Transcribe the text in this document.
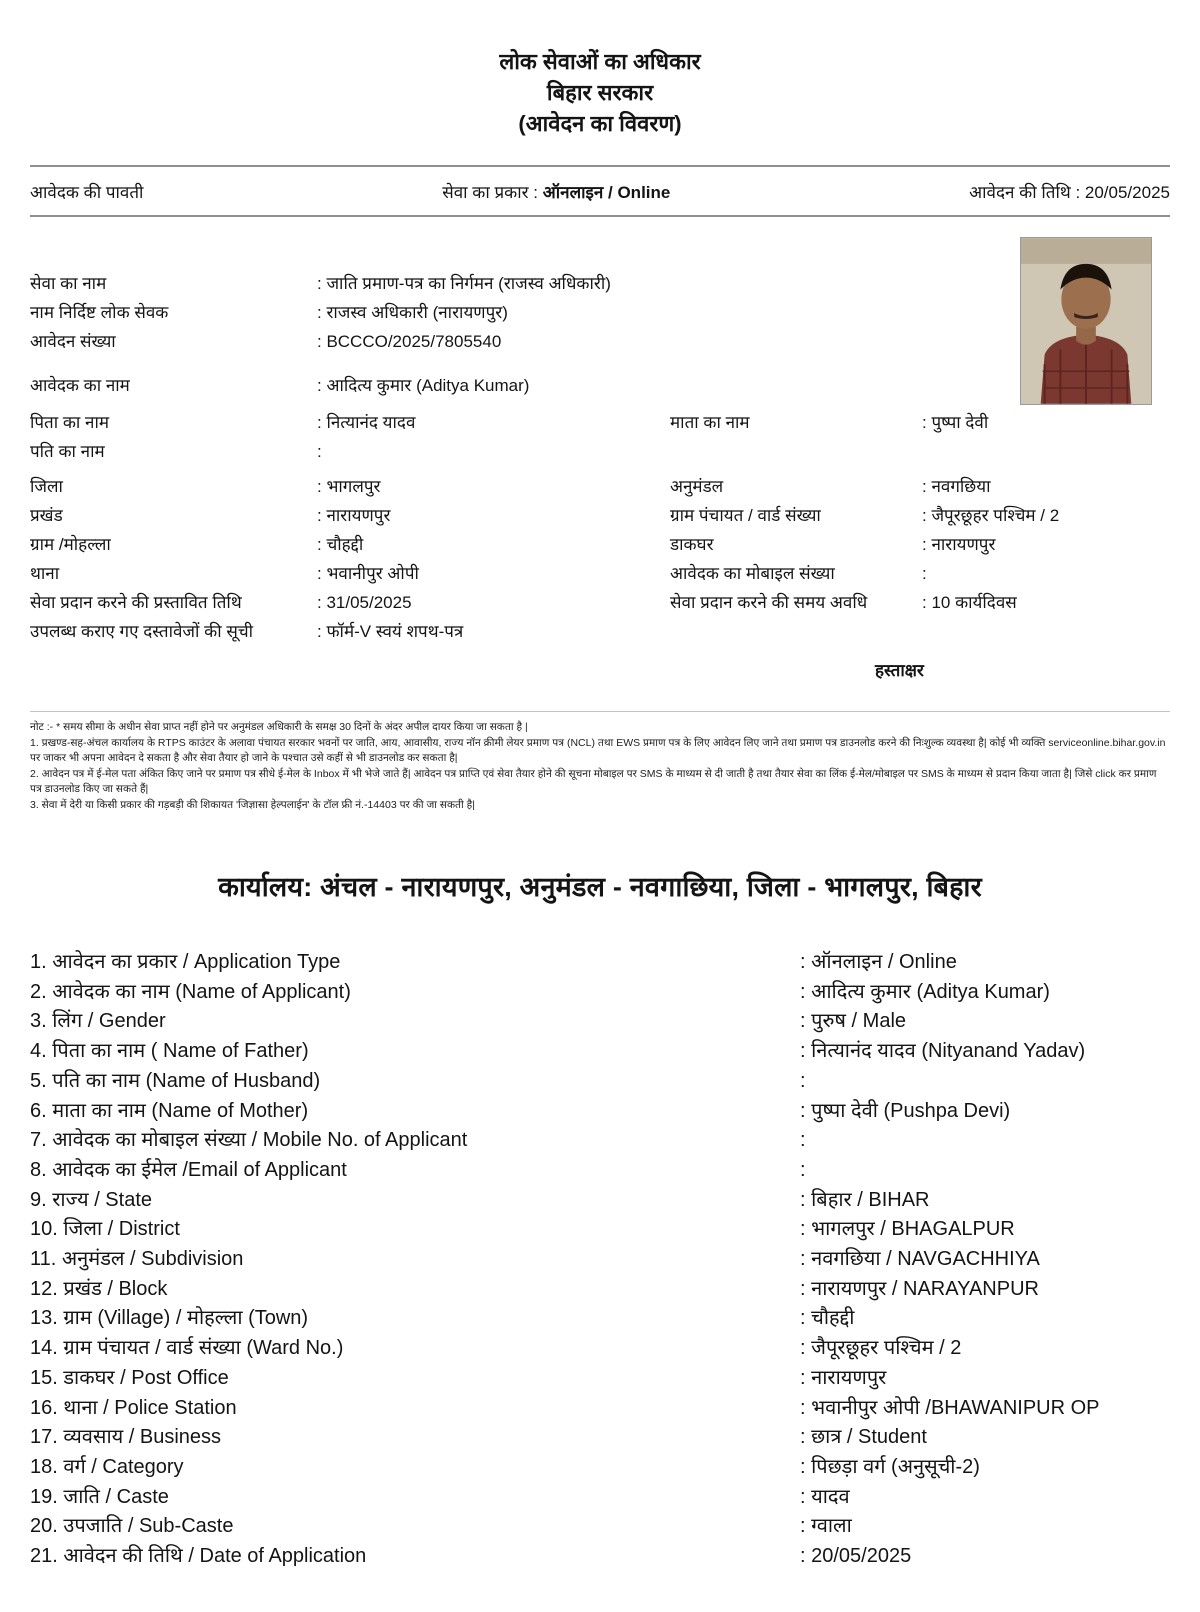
लोक सेवाओं का अधिकार
बिहार सरकार
(आवेदन का विवरण)
आवेदक की पावती	सेवा का प्रकार : ऑनलाइन / Online	आवेदन की तिथि : 20/05/2025
सेवा का नाम	: जाति प्रमाण-पत्र का निर्गमन (राजस्व अधिकारी)
नाम निर्दिष्ट लोक सेवक	: राजस्व अधिकारी (नारायणपुर)
आवेदन संख्या	: BCCCO/2025/7805540
आवेदक का नाम	: आदित्य कुमार (Aditya Kumar)
पिता का नाम	: नित्यानंद यादव	माता का नाम	: पुष्पा देवी
पति का नाम	:
जिला	: भागलपुर	अनुमंडल	: नवगछिया
प्रखंड	: नारायणपुर	ग्राम पंचायत / वार्ड संख्या	: जैपूरछूहर पश्चिम / 2
ग्राम /मोहल्ला	: चौहद्दी	डाकघर	: नारायणपुर
थाना	: भवानीपुर ओपी	आवेदक का मोबाइल संख्या	:
सेवा प्रदान करने की प्रस्तावित तिथि	: 31/05/2025	सेवा प्रदान करने की समय अवधि	: 10 कार्यदिवस
उपलब्ध कराए गए दस्तावेजों की सूची	: फॉर्म-V स्वयं शपथ-पत्र
हस्ताक्षर

नोट :- * समय सीमा के अधीन सेवा प्राप्त नहीं होने पर अनुमंडल अधिकारी के समक्ष 30 दिनों के अंदर अपील दायर किया जा सकता है |

1. प्रखण्ड-सह-अंचल कार्यालय के RTPS काउंटर के अलावा पंचायत सरकार भवनों पर जाति, आय, आवासीय, राज्य नॉन क्रीमी लेयर प्रमाण पत्र (NCL) तथा EWS प्रमाण पत्र के लिए आवेदन लिए जाने तथा प्रमाण पत्र डाउनलोड करने की निःशुल्क व्यवस्था है| कोई भी व्यक्ति serviceonline.bihar.gov.in पर जाकर भी अपना आवेदन दे सकता है और सेवा तैयार हो जाने के पश्चात उसे कहीं से भी डाउनलोड कर सकता है|

2. आवेदन पत्र में ई-मेल पता अंकित किए जाने पर प्रमाण पत्र सीधे ई-मेल के Inbox में भी भेजे जाते हैं| आवेदन पत्र प्राप्ति एवं सेवा तैयार होने की सूचना मोबाइल पर SMS के माध्यम से दी जाती है तथा तैयार सेवा का लिंक ई-मेल/मोबाइल पर SMS के माध्यम से प्रदान किया जाता है| जिसे click कर प्रमाण पत्र डाउनलोड किए जा सकते हैं|

3. सेवा में देरी या किसी प्रकार की गड़बड़ी की शिकायत 'जिज्ञासा हेल्पलाईन' के टॉल फ्री नं.-14403 पर की जा सकती है|

कार्यालय: अंचल - नारायणपुर, अनुमंडल - नवगाछिया, जिला - भागलपुर, बिहार
1. आवेदन का प्रकार / Application Type	: ऑनलाइन / Online
2. आवेदक का नाम (Name of Applicant)	: आदित्य कुमार (Aditya Kumar)
3. लिंग / Gender	: पुरुष / Male
4. पिता का नाम ( Name of Father)	: नित्यानंद यादव (Nityanand Yadav)
5. पति का नाम (Name of Husband)	:
6. माता का नाम (Name of Mother)	: पुष्पा देवी (Pushpa Devi)
7. आवेदक का मोबाइल संख्या / Mobile No. of Applicant	:
8. आवेदक का ईमेल /Email of Applicant	:
9. राज्य / State	: बिहार / BIHAR
10. जिला / District	: भागलपुर / BHAGALPUR
11. अनुमंडल / Subdivision	: नवगछिया / NAVGACHHIYA
12. प्रखंड / Block	: नारायणपुर / NARAYANPUR
13. ग्राम (Village) / मोहल्ला (Town)	: चौहद्दी
14. ग्राम पंचायत / वार्ड संख्या (Ward No.)	: जैपूरछूहर पश्चिम / 2
15. डाकघर / Post Office	: नारायणपुर
16. थाना / Police Station	: भवानीपुर ओपी /BHAWANIPUR OP
17. व्यवसाय / Business	: छात्र / Student
18. वर्ग / Category	: पिछड़ा वर्ग (अनुसूची-2)
19. जाति / Caste	: यादव
20. उपजाति / Sub-Caste	: ग्वाला
21. आवेदन की तिथि / Date of Application	: 20/05/2025
